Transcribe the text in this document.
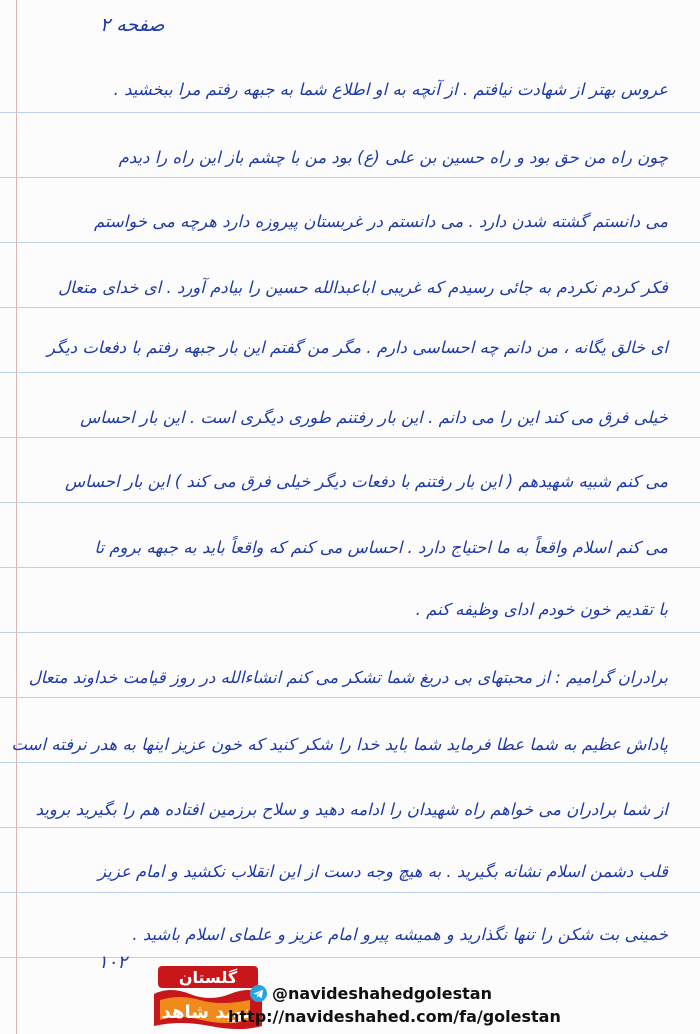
صفحه ۲
عروس بهتر از شهادت نیافتم . از آنچه به او اطلاع شما به جبهه رفتم مرا ببخشید .
چون راه من حق بود و راه حسین بن علی (ع) بود من با چشم باز این راه را دیدم
می دانستم گشته شدن دارد . می دانستم در غربستان پیروزه دارد هرچه می خواستم
فکر کردم نکردم به جائی رسیدم که غریبی اباعبدالله حسین را بیادم آورد . ای خدای متعال
ای خالق یگانه ، من دانم چه احساسی دارم . مگر من گفتم این بار جبهه رفتم با دفعات دیگر
خیلی فرق می کند این را می دانم . این بار رفتنم طوری دیگری است . این بار احساس
می کنم شبیه شهیدهم ( این بار رفتنم با دفعات دیگر خیلی فرق می کند ) این بار احساس
می کنم اسلام واقعاً به ما احتیاج دارد . احساس می کنم که واقعاً باید به جبهه بروم تا
با تقدیم خون خودم ادای وظیفه کنم .
برادران گرامیم : از محبتهای بی دریغ شما تشکر می کنم انشاءالله در روز قیامت خداوند متعال
پاداش عظیم به شما عطا فرماید شما باید خدا را شکر کنید که خون عزیز اینها به هدر نرفته است
از شما برادران می خواهم راه شهیدان را ادامه دهید و سلاح برزمین افتاده هم را بگیرید بروید
قلب دشمن اسلام نشانه بگیرید . به هیچ وجه دست از این انقلاب نکشید و امام عزیز
خمینی بت شکن را تنها نگذارید و همیشه پیرو امام عزیز و علمای اسلام باشید .
۱۰۲
گلستان
نوید شاهد
@navideshahedgolestan
http://navideshahed.com/fa/golestan
